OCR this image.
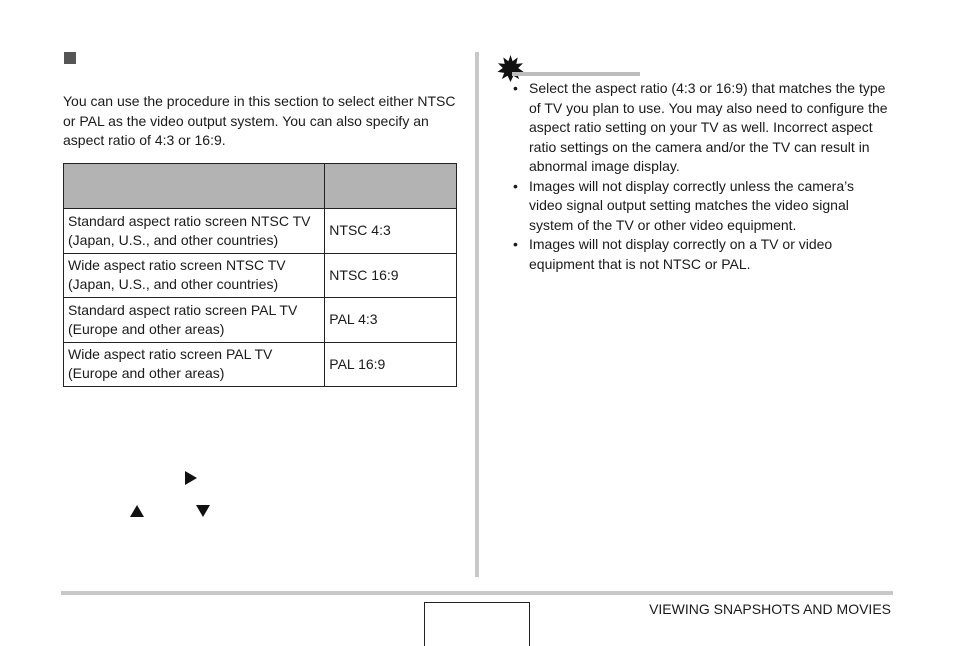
You can use the procedure in this section to select either NTSC or PAL as the video output system. You can also specify an aspect ratio of 4:3 or 16:9.

Standard aspect ratio screen NTSC TV (Japan, U.S., and other countries)	NTSC 4:3
Wide aspect ratio screen NTSC TV (Japan, U.S., and other countries)	NTSC 16:9
Standard aspect ratio screen PAL TV (Europe and other areas)	PAL 4:3
Wide aspect ratio screen PAL TV (Europe and other areas)	PAL 16:9
• Select the aspect ratio (4:3 or 16:9) that matches the type of TV you plan to use. You may also need to configure the aspect ratio setting on your TV as well. Incorrect aspect ratio settings on the camera and/or the TV can result in abnormal image display.
• Images will not display correctly unless the camera’s video signal output setting matches the video signal system of the TV or other video equipment.
• Images will not display correctly on a TV or video equipment that is not NTSC or PAL.
VIEWING SNAPSHOTS AND MOVIES
